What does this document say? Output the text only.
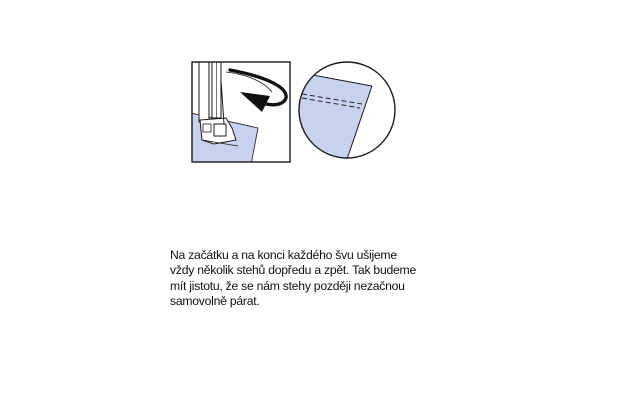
Na začátku a na konci každého švu ušijeme
vždy několik stehů dopředu a zpět. Tak budeme
mít jistotu, že se nám stehy později nezačnou
samovolně párat.
